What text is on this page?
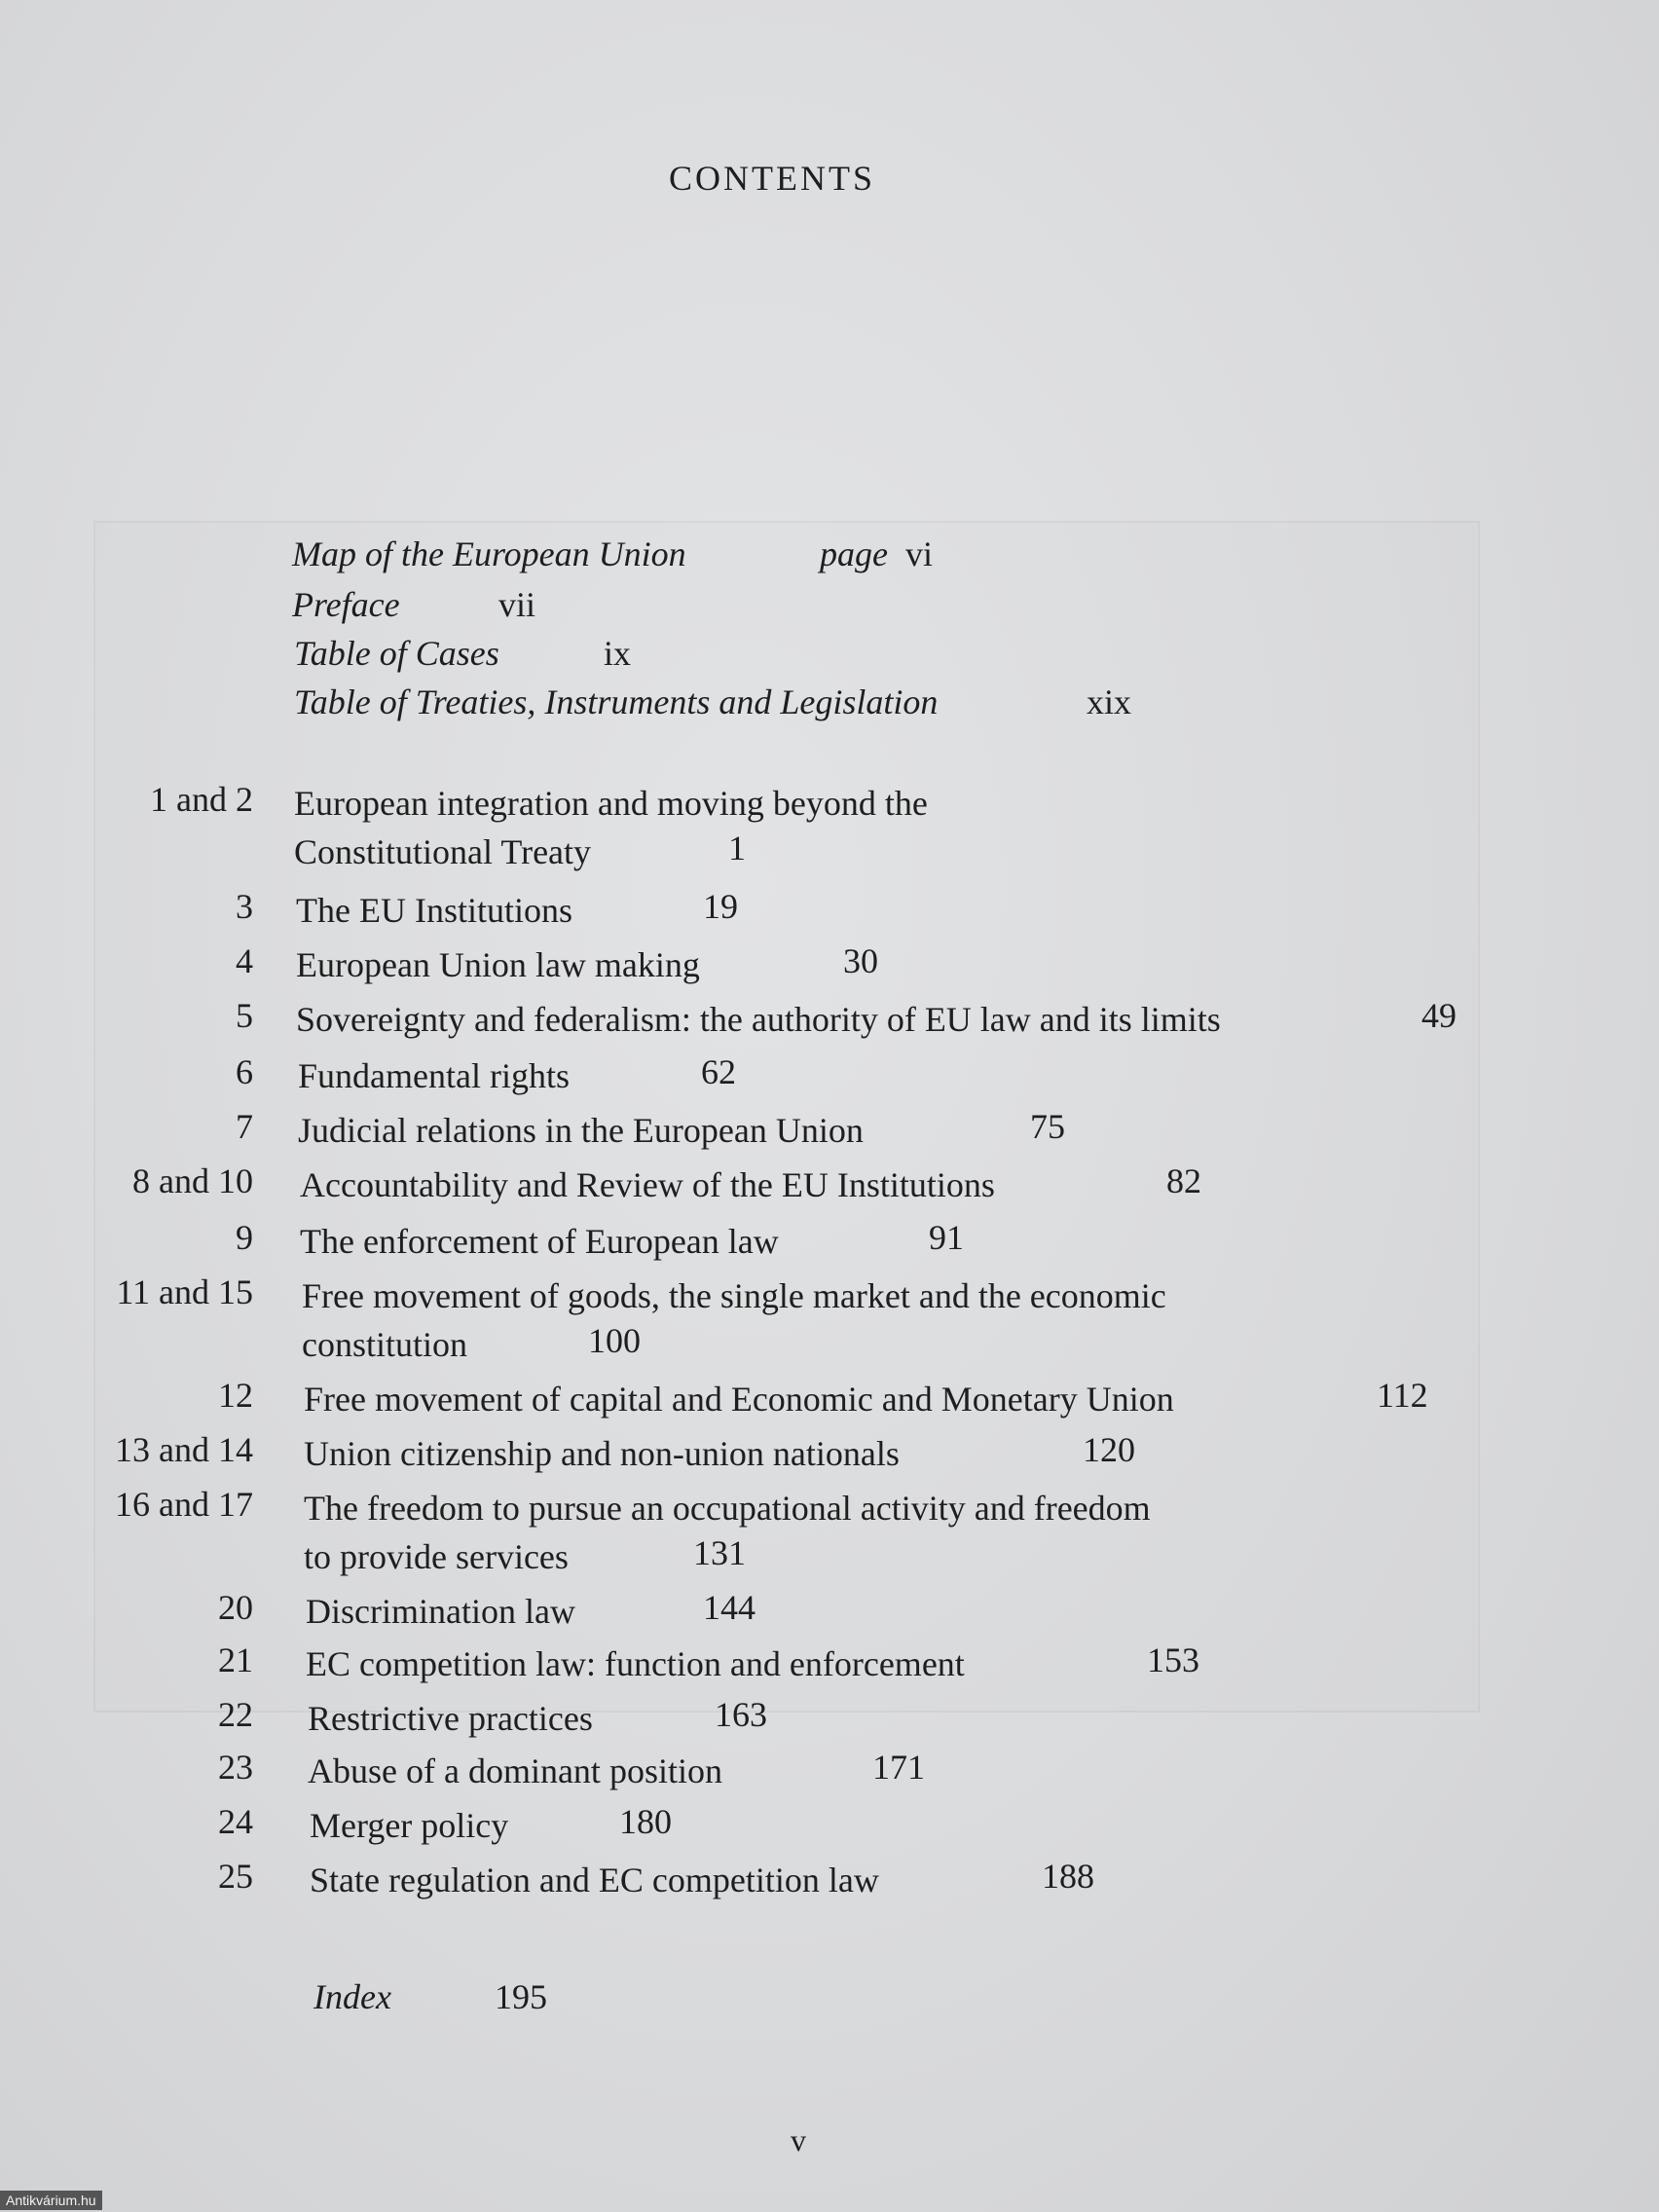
CONTENTS
Map of the European Union	page vi
Preface	vii
Table of Cases	ix
Table of Treaties, Instruments and Legislation	xix
1 and 2 European integration and moving beyond the
Constitutional Treaty	1
3 The EU Institutions	19
4 European Union law making	30
5 Sovereignty and federalism: the authority of EU law and its limits	49
6 Fundamental rights	62
7 Judicial relations in the European Union	75
8 and 10 Accountability and Review of the EU Institutions	82
9 The enforcement of European law	91
11 and 15 Free movement of goods, the single market and the economic
constitution	100
12 Free movement of capital and Economic and Monetary Union	112
13 and 14 Union citizenship and non-union nationals	120
16 and 17 The freedom to pursue an occupational activity and freedom
to provide services	131
20 Discrimination law	144
21 EC competition law: function and enforcement	153
22 Restrictive practices	163
23 Abuse of a dominant position	171
24 Merger policy	180
25 State regulation and EC competition law	188
Index	195
v
Antikvárium.hu
